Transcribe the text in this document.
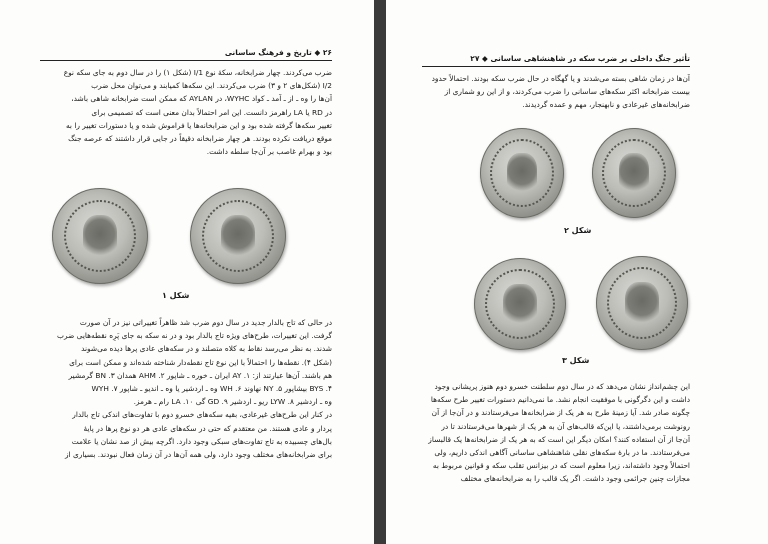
۲۶ ◆ تاریخ و فرهنگ ساسانی
ضرب می‌کردند. چهار ضرابخانه، سکهٔ نوع I/1 (شکل ۱) را در سال دوم به جای سکه نوع
I/2 (شکل‌های ۲ و ۳) ضرب می‌کردند. این سکه‌ها کمیابند و می‌توان محل ضرب
آن‌ها را وه ـ از ـ آمد ـ کواد WYHC، در AYLAN که ممکن است ضرابخانه شاهی باشد،
در RD یا LA راهرمز دانست. این امر احتمالاً بدان معنی است که تصمیمی برای
تغییر سکه‌ها گرفته شده بود و این ضرابخانه‌ها یا فراموش شده و یا دستورات تغییر را به
موقع دریافت نکرده بودند. هر چهار ضرابخانه دقیقاً در جایی قرار داشتند که عرصه جنگ
بود و بهرام غاصب بر آن‌جا سلطه داشت.
شکل ۱
در حالی که تاج بالدار جدید در سال دوم ضرب شد ظاهراً تغییراتی نیز در آن صورت
گرفت. این تغییرات، طرح‌های ویژه تاج بالدار بود و در نه سکه به جای پَرِه نقطه‌هایی ضرب
شدند. به نظر می‌رسد نقاط به کلاه متصلند و در سکه‌های عادی پرها دیده می‌شوند
(شکل ۴). نقطه‌ها را احتمالاً با این نوع تاج نقطه‌دار شناخته شده‌اند و ممکن است برای
هم باشند. آن‌ها عبارتند از: ۱. AY ایران ـ خوره ـ شاپور ۲. AHM همدان ۳. BN گرمشیر
۴. BYS بیشاپور ۵. NY نهاوند ۶. WH وه ـ اردشیر یا وه ـ اندیو ـ شاپور ۷. WYH
وه ـ اردشیر ۸. LYW ریو ـ اردشیر ۹. GD گی ۱۰. LA رام ـ هرمز.
در کنار این طرح‌های غیرعادی، بقیه سکه‌های خسرو دوم با تفاوت‌های اندکی تاج بالدار
پردار و عادی هستند. من معتقدم که حتی در سکه‌های عادی هر دو نوع پرها در پایهٔ
بال‌های چسبیده به تاج تفاوت‌های سبکی وجود دارد. اگرچه بیش از صد نشان یا علامت
برای ضرابخانه‌های مختلف وجود دارد، ولی همه آن‌ها در آن زمان فعال نبودند. بسیاری از
تأثیر جنگ داخلی بر ضرب سکه در شاهنشاهی ساسانی ◆ ۲۷
آن‌ها در زمان شاهی بسته می‌شدند و یا گهگاه در حال ضرب سکه بودند. احتمالاً حدود
بیست ضرابخانه اکثر سکه‌های ساسانی را ضرب می‌کردند، و از این رو شماری از
ضرابخانه‌های غیرعادی و نابهنجار، مهم و عمده گردیدند.
شکل ۲
شکل ۳
این چشم‌انداز نشان می‌دهد که در سال دوم سلطنت خسرو دوم هنوز پریشانی وجود
داشت و این دگرگونی با موفقیت انجام نشد. ما نمی‌دانیم دستورات تغییر طرح سکه‌ها
چگونه صادر شد. آیا زمینهٔ طرح به هر یک از ضرابخانه‌ها می‌فرستادند و در آن‌جا از آن
رونوشت برمی‌داشتند، یا این‌که قالب‌های آن به هر یک از شهرها می‌فرستادند تا در
آن‌جا از آن استفاده کنند؟ امکان دیگر این است که به هر یک از ضرابخانه‌ها یک قالبساز
می‌فرستادند. ما در بارهٔ سکه‌های نقلی شاهنشاهی ساسانی آگاهی اندکی داریم، ولی
احتمالاً وجود داشته‌اند، زیرا معلوم است که در بیزانس تقلب سکه و قوانین مربوط به
مجازات چنین جرائمی وجود داشت. اگر یک قالب را به ضرابخانه‌های مختلف
